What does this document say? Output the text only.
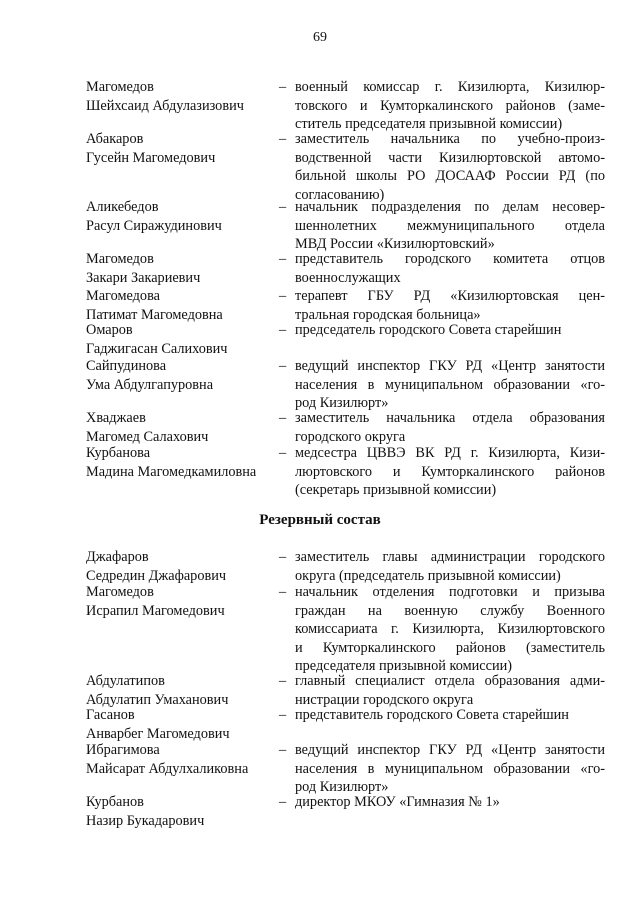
69
Магомедов
Шейхсаид Абдулазизович
– военный комиссар г. Кизилюрта, Кизилюр-
товского и Кумторкалинского районов (заме-
ститель председателя призывной комиссии)
Абакаров
Гусейн Магомедович
– заместитель начальника по учебно-произ-
водственной части Кизилюртовской автомо-
бильной школы РО ДОСААФ России РД (по
согласованию)
Аликебедов
Расул Сиражудинович
– начальник подразделения по делам несовер-
шеннолетних межмуниципального отдела
МВД России «Кизилюртовский»
Магомедов
Закари Закариевич
– представитель городского комитета отцов
военнослужащих
Магомедова
Патимат Магомедовна
– терапевт ГБУ РД «Кизилюртовская цен-
тральная городская больница»
Омаров
Гаджигасан Салихович
– председатель городского Совета старейшин
Сайпудинова
Ума Абдулгапуровна
– ведущий инспектор ГКУ РД «Центр занятости
населения в муниципальном образовании «го-
род Кизилюрт»
Хваджаев
Магомед Салахович
– заместитель начальника отдела образования
городского округа
Курбанова
Мадина Магомедкамиловна
– медсестра ЦВВЭ ВК РД г. Кизилюрта, Кизи-
люртовского и Кумторкалинского районов
(секретарь призывной комиссии)
Резервный состав
Джафаров
Седредин Джафарович
– заместитель главы администрации городского
округа (председатель призывной комиссии)
Магомедов
Исрапил Магомедович
– начальник отделения подготовки и призыва
граждан на военную службу Военного
комиссариата г. Кизилюрта, Кизилюртовского
и Кумторкалинского районов (заместитель
председателя призывной комиссии)
Абдулатипов
Абдулатип Умаханович
– главный специалист отдела образования адми-
нистрации городского округа
Гасанов
Анварбег Магомедович
– представитель городского Совета старейшин
Ибрагимова
Майсарат Абдулхаликовна
– ведущий инспектор ГКУ РД «Центр занятости
населения в муниципальном образовании «го-
род Кизилюрт»
Курбанов
Назир Букадарович
– директор МКОУ «Гимназия № 1»
